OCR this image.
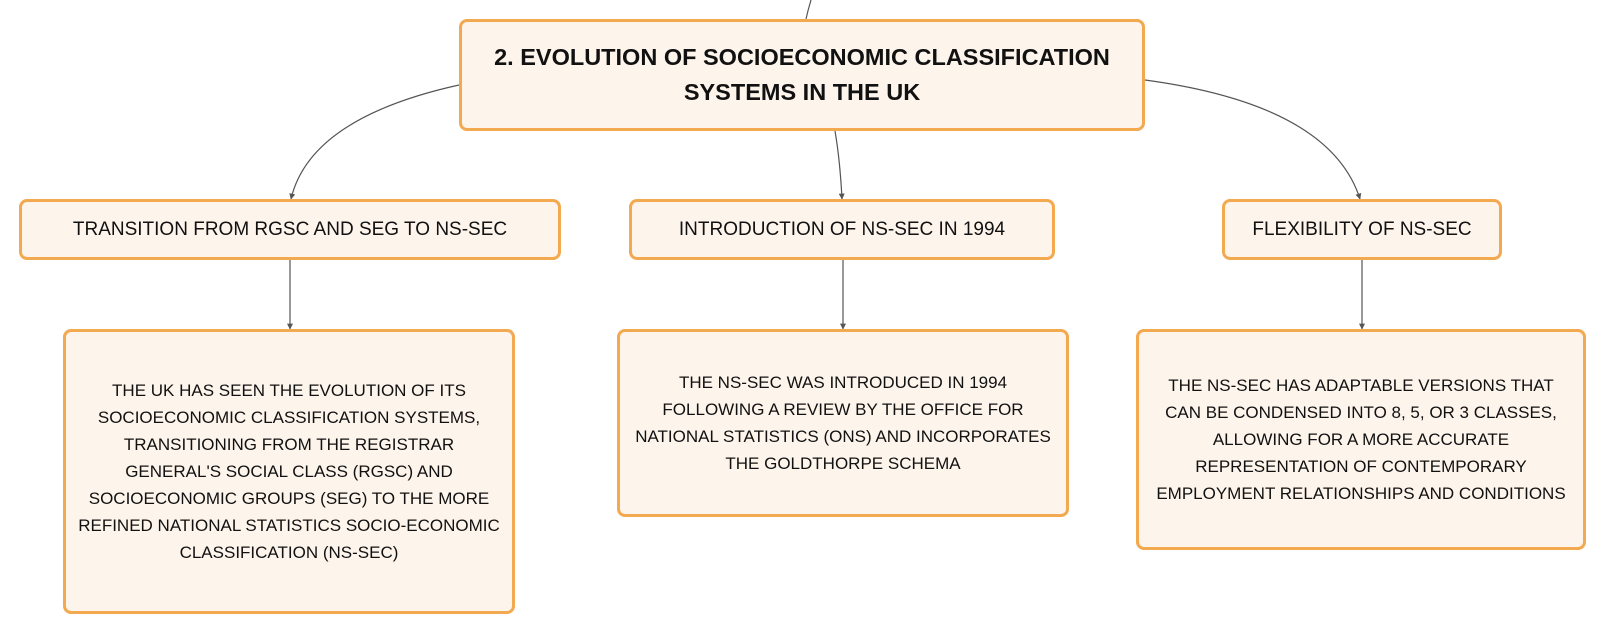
2. EVOLUTION OF SOCIOECONOMIC CLASSIFICATION SYSTEMS IN THE UK
TRANSITION FROM RGSC AND SEG TO NS-SEC	INTRODUCTION OF NS-SEC IN 1994	FLEXIBILITY OF NS-SEC
THE UK HAS SEEN THE EVOLUTION OF ITS SOCIOECONOMIC CLASSIFICATION SYSTEMS, TRANSITIONING FROM THE REGISTRAR GENERAL'S SOCIAL CLASS (RGSC) AND SOCIOECONOMIC GROUPS (SEG) TO THE MORE REFINED NATIONAL STATISTICS SOCIO-ECONOMIC CLASSIFICATION (NS-SEC)
THE NS-SEC WAS INTRODUCED IN 1994 FOLLOWING A REVIEW BY THE OFFICE FOR NATIONAL STATISTICS (ONS) AND INCORPORATES THE GOLDTHORPE SCHEMA
THE NS-SEC HAS ADAPTABLE VERSIONS THAT CAN BE CONDENSED INTO 8, 5, OR 3 CLASSES, ALLOWING FOR A MORE ACCURATE REPRESENTATION OF CONTEMPORARY EMPLOYMENT RELATIONSHIPS AND CONDITIONS
